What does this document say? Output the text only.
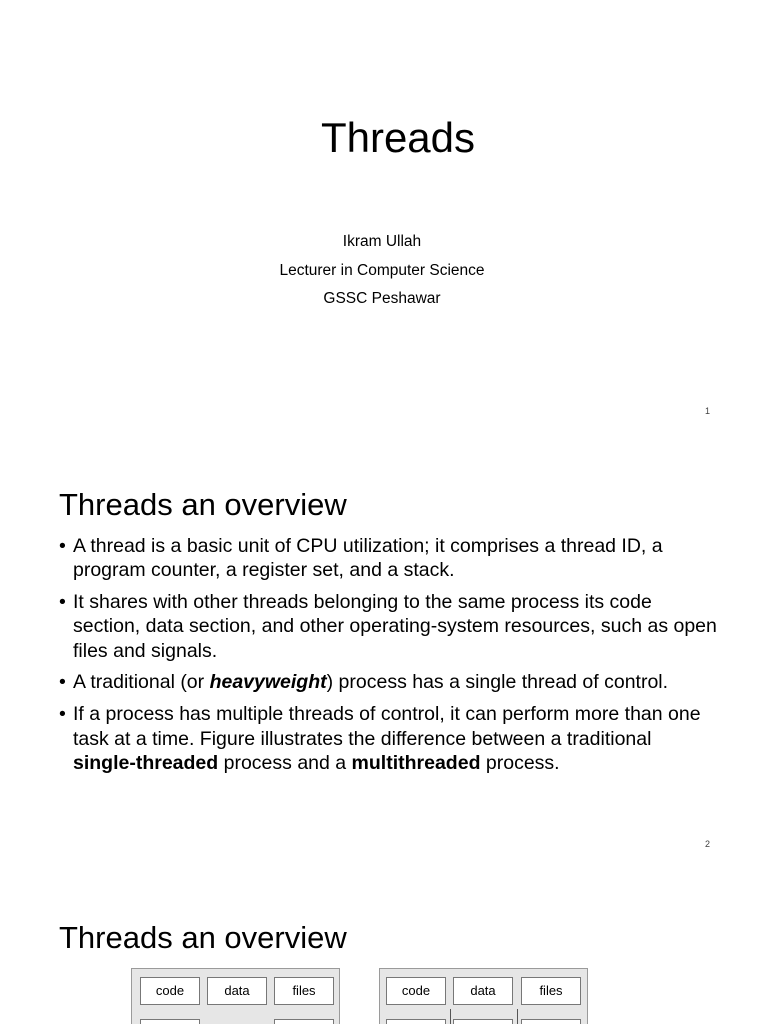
Threads
Ikram Ullah
Lecturer in Computer Science
GSSC Peshawar
1
Threads an overview
• A thread is a basic unit of CPU utilization; it comprises a thread ID, a program counter, a register set, and a stack.
• It shares with other threads belonging to the same process its code section, data section, and other operating-system resources, such as open files and signals.
• A traditional (or heavyweight) process has a single thread of control.
• If a process has multiple threads of control, it can perform more than one task at a time. Figure illustrates the difference between a traditional single-threaded process and a multithreaded process.
2
Threads an overview
code	data	files	code	data	files
